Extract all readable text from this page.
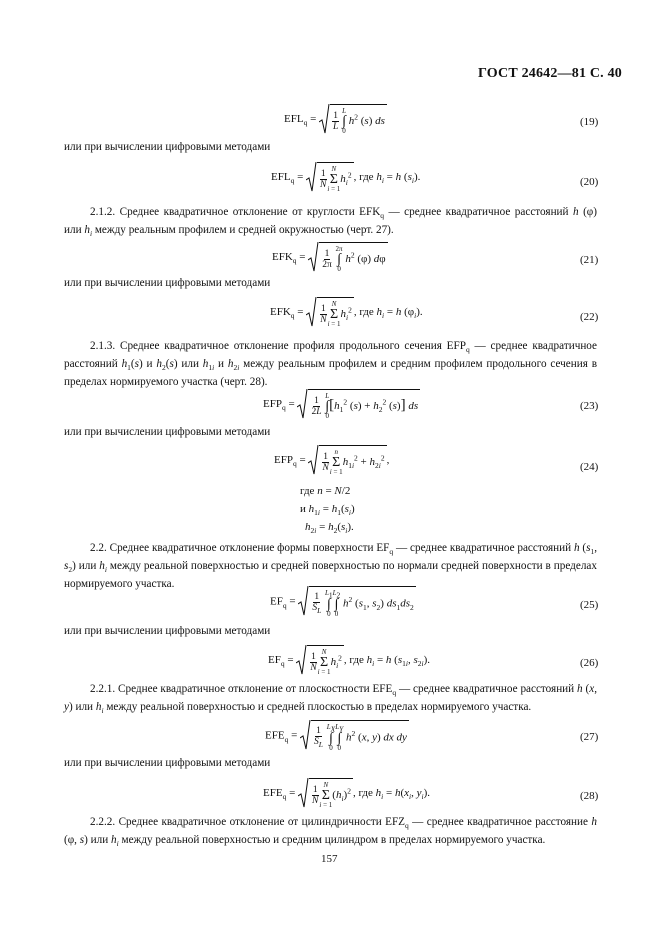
ГОСТ 24642—81 С. 40
$EFL_q = \frac{1}{L}$
L
∫
0
$h^2$ (s) ds	(19)
или при вычислении цифровыми методами
$EFL_q = \frac{1}{N}$ N
Σ
i = 1
$h_i^2$ , где $h_i = h$ $(s_i)$.	(20)
2.1.2. Среднее квадратичное отклонение от круглости $EFK_q$ — среднее квадратичное расстояний h (φ) или $h_i$ между реальным профилем и средней окружностью (черт. 27).
$EFK_q = \frac{1}{2\pi}$
2π
∫
0
$h^2$ (φ) dφ	(21)
или при вычислении цифровыми методами
$EFK_q = \frac{1}{N}$ N
Σ
i = 1
$h_i^2$ , где $h_i = h$ $(\varphi_i)$.	(22)
2.1.3. Среднее квадратичное отклонение профиля продольного сечения $EFP_q$ — среднее квадратичное расстояний $h_1(s)$ и $h_2(s)$ или $h_{1i}$ и $h_{2i}$ между реальным профилем и средним профилем продольного сечения в пределах нормируемого участка (черт. 28).
$EFP_q = \frac{1}{2L}$
L
∫
0
[$h_1^2$ $(s) + h_2^2$ (s)] ds	(23)
или при вычислении цифровыми методами
$EFP_q = \frac{1}{N}$ n
Σ
i = 1
$h_{1i}^2 + h_{2i}^2$ ,
(24)
где n = N/2
и $h_{1i} = h_1(s_i)$
$h_{2i} = h_2(s_i)$.
2.2. Среднее квадратичное отклонение формы поверхности $EF_q$ — среднее квадратичное расстояний h ($s_1$, $s_2$) или $h_i$ между реальной поверхностью и средней поверхностью по нормали средней поверхности в пределах нормируемого участка.
$EF_q = \frac{1}{S_L}$
$L_1$
∫
0
$L_2$
∫
0
$h^2$ ($s_1$, $s_2$) $ds_1ds_2$	(25)
или при вычислении цифровыми методами
$EF_q = \frac{1}{N}$ N
Σ
i = 1
$h_i^2$ , где $h_i = h$ ($s_{1i}$, $s_{2i}$).	(26)
2.2.1. Среднее квадратичное отклонение от плоскостности $EFE_q$ — среднее квадратичное расстояний h (x, y) или $h_i$ между реальной поверхностью и средней плоскостью в пределах нормируемого участка.
$EFE_q = \frac{1}{S_L}$
$L_X$
∫
0
$L_Y$
∫
0
$h^2$ (x, y) dx dy	(27)
или при вычислении цифровыми методами
$EFE_q = \frac{1}{N}$ N
Σ
i = 1
$(h_i)^2$ , где $h_i = h(x_i$, $y_i$).	(28)
2.2.2. Среднее квадратичное отклонение от цилиндричности $EFZ_q$ — среднее квадратичное расстояние h (φ, s) или $h_i$ между реальной поверхностью и средним цилиндром в пределах нормируемого участка.
157
